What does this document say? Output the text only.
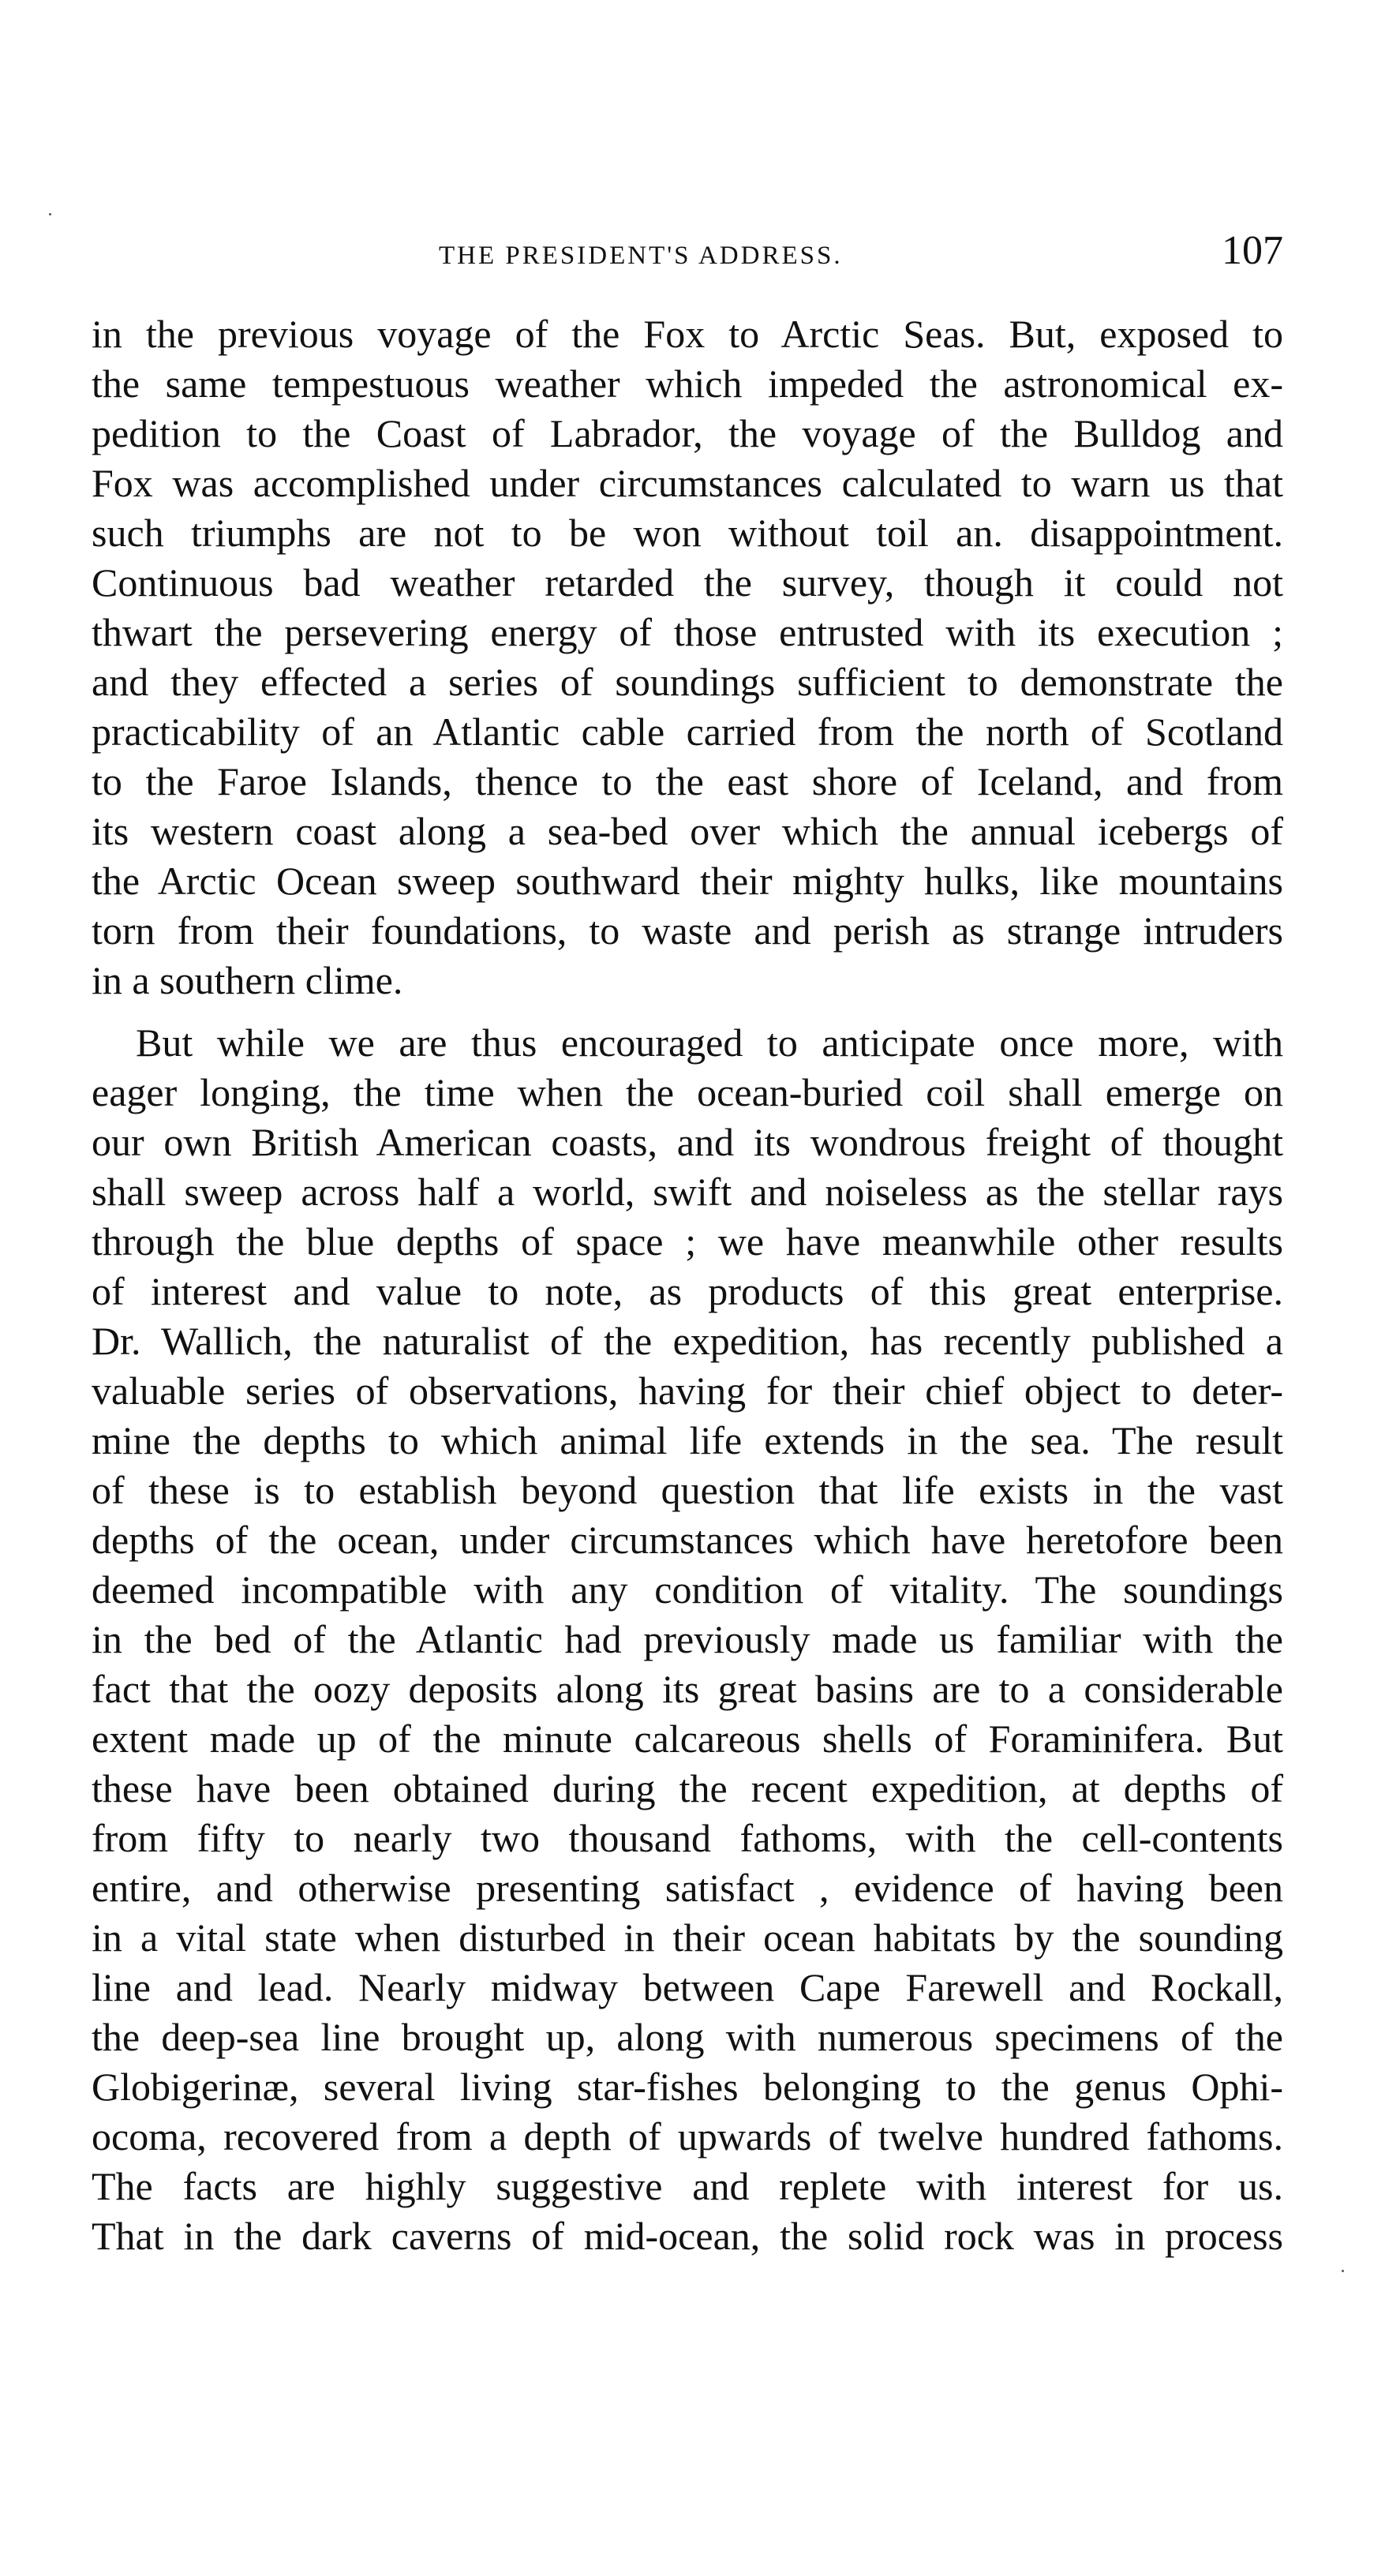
THE PRESIDENT'S ADDRESS.	107

in the previous voyage of the Fox to Arctic Seas. But, exposed to
the same tempestuous weather which impeded the astronomical ex-
pedition to the Coast of Labrador, the voyage of the Bulldog and
Fox was accomplished under circumstances calculated to warn us that
such triumphs are not to be won without toil an. disappointment.
Continuous bad weather retarded the survey, though it could not
thwart the persevering energy of those entrusted with its execution ;
and they effected a series of soundings sufficient to demonstrate the
practicability of an Atlantic cable carried from the north of Scotland
to the Faroe Islands, thence to the east shore of Iceland, and from
its western coast along a sea-bed over which the annual icebergs of
the Arctic Ocean sweep southward their mighty hulks, like mountains
torn from their foundations, to waste and perish as strange intruders
in a southern clime.

But while we are thus encouraged to anticipate once more, with
eager longing, the time when the ocean-buried coil shall emerge on
our own British American coasts, and its wondrous freight of thought
shall sweep across half a world, swift and noiseless as the stellar rays
through the blue depths of space ; we have meanwhile other results
of interest and value to note, as products of this great enterprise.
Dr. Wallich, the naturalist of the expedition, has recently published a
valuable series of observations, having for their chief object to deter-
mine the depths to which animal life extends in the sea. The result
of these is to establish beyond question that life exists in the vast
depths of the ocean, under circumstances which have heretofore been
deemed incompatible with any condition of vitality. The soundings
in the bed of the Atlantic had previously made us familiar with the
fact that the oozy deposits along its great basins are to a considerable
extent made up of the minute calcareous shells of Foraminifera. But
these have been obtained during the recent expedition, at depths of
from fifty to nearly two thousand fathoms, with the cell-contents
entire, and otherwise presenting satisfact , evidence of having been
in a vital state when disturbed in their ocean habitats by the sounding
line and lead. Nearly midway between Cape Farewell and Rockall,
the deep-sea line brought up, along with numerous specimens of the
Globigerinæ, several living star-fishes belonging to the genus Ophi-
ocoma, recovered from a depth of upwards of twelve hundred fathoms.
The facts are highly suggestive and replete with interest for us.
That in the dark caverns of mid-ocean, the solid rock was in process
